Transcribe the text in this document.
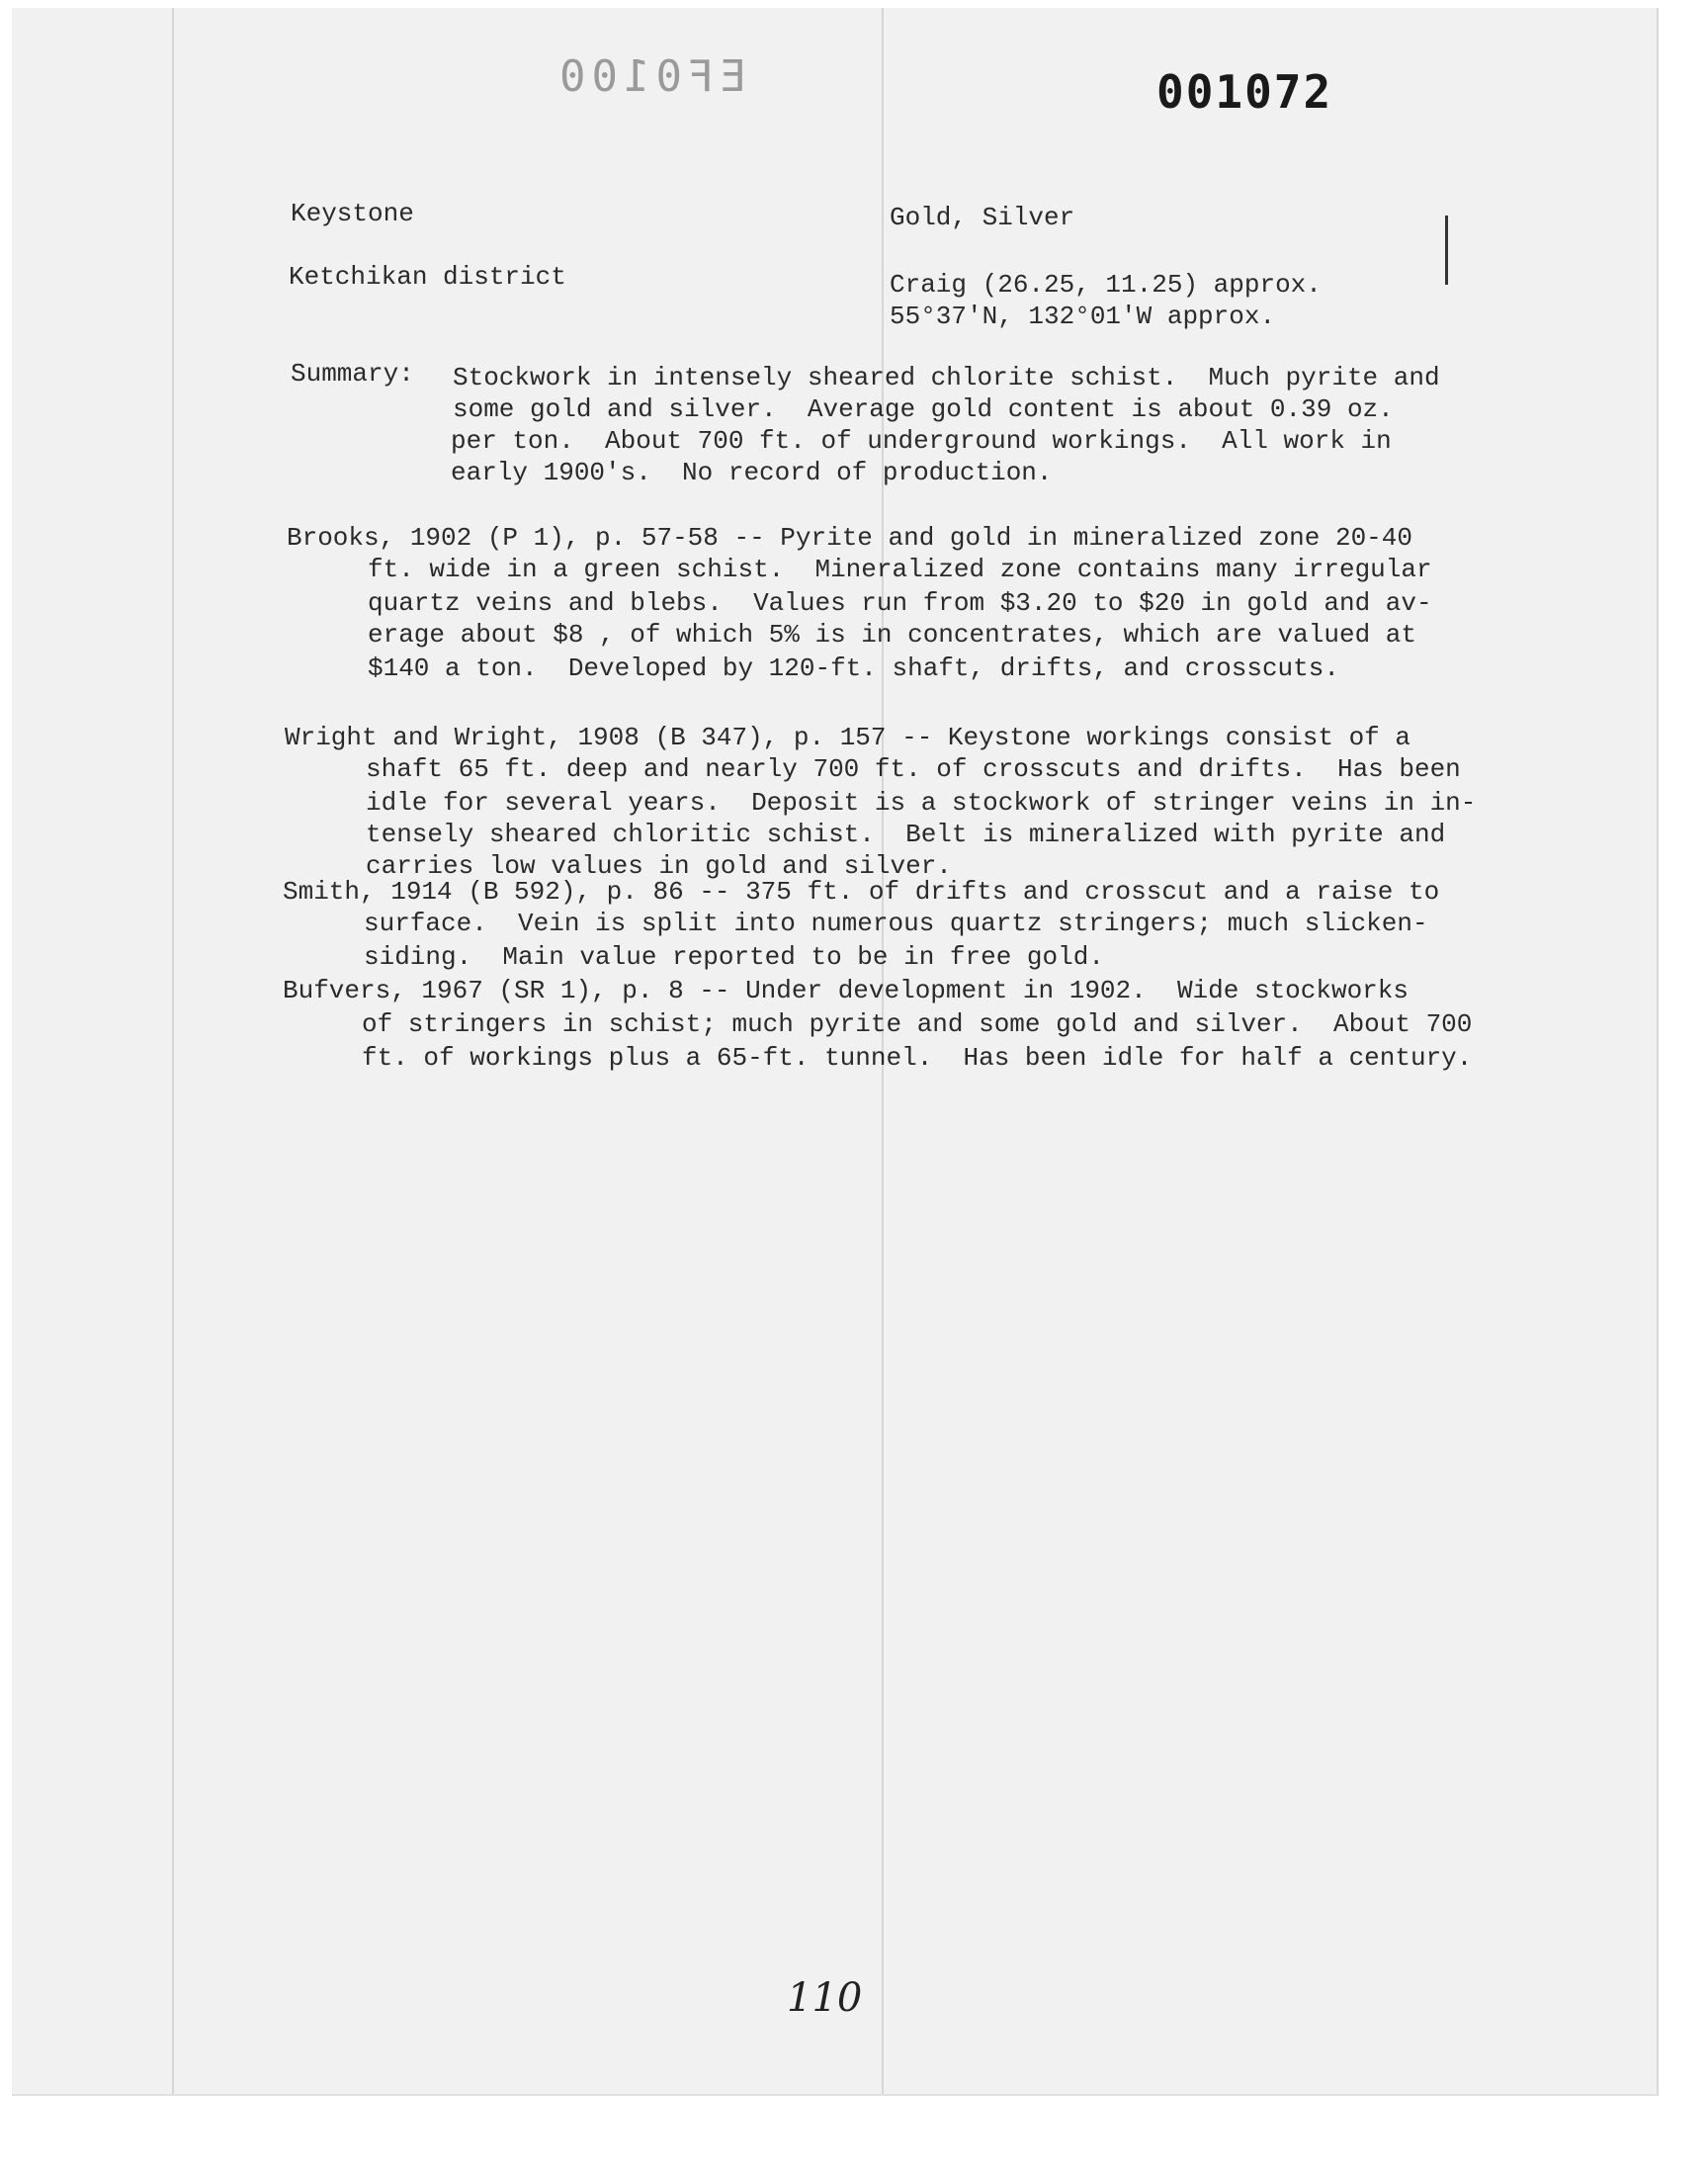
EF0100	001072
Keystone	Gold, Silver
Ketchikan district	Craig (26.25, 11.25) approx.
55°37'N, 132°01'W approx.
Summary: Stockwork in intensely sheared chlorite schist.  Much pyrite and
some gold and silver.  Average gold content is about 0.39 oz.
per ton.  About 700 ft. of underground workings.  All work in
early 1900's.  No record of production.
Brooks, 1902 (P 1), p. 57-58 -- Pyrite and gold in mineralized zone 20-40
ft. wide in a green schist.  Mineralized zone contains many irregular
quartz veins and blebs.  Values run from $3.20 to $20 in gold and av-
erage about $8 , of which 5% is in concentrates, which are valued at
$140 a ton.  Developed by 120-ft. shaft, drifts, and crosscuts.
Wright and Wright, 1908 (B 347), p. 157 -- Keystone workings consist of a
shaft 65 ft. deep and nearly 700 ft. of crosscuts and drifts.  Has been
idle for several years.  Deposit is a stockwork of stringer veins in in-
tensely sheared chloritic schist.  Belt is mineralized with pyrite and
carries low values in gold and silver.
Smith, 1914 (B 592), p. 86 -- 375 ft. of drifts and crosscut and a raise to
surface.  Vein is split into numerous quartz stringers; much slicken-
siding.  Main value reported to be in free gold.
Bufvers, 1967 (SR 1), p. 8 -- Under development in 1902.  Wide stockworks
of stringers in schist; much pyrite and some gold and silver.  About 700
ft. of workings plus a 65-ft. tunnel.  Has been idle for half a century.
110
